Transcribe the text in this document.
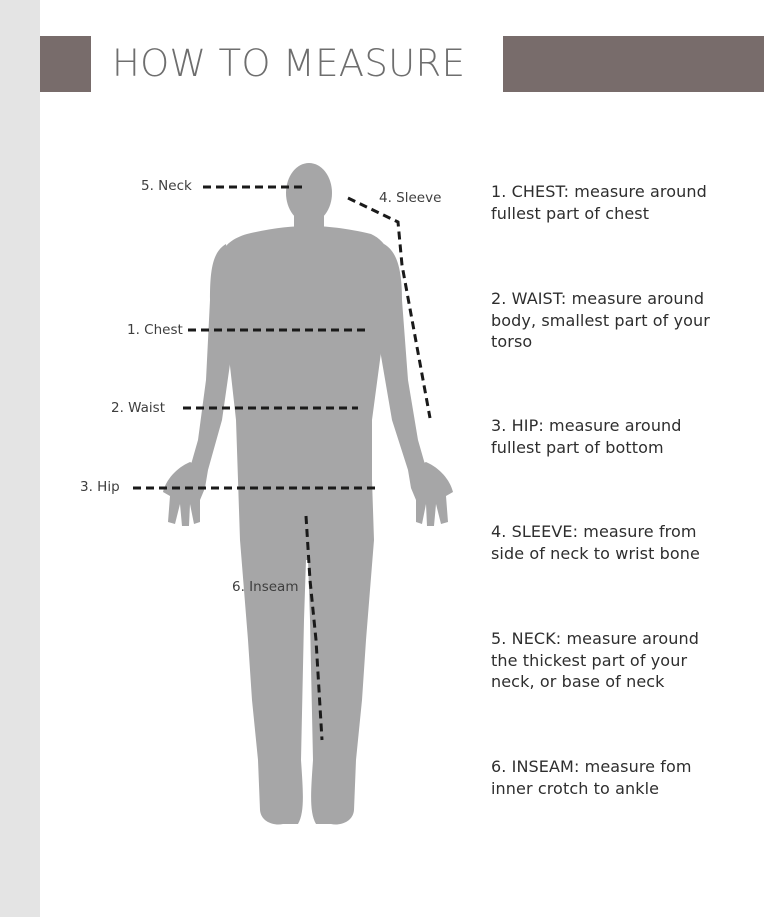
HOW TO MEASURE
5. Neck
4. Sleeve
1. Chest
2. Waist
3. Hip
6. Inseam
1. CHEST: measure around
fullest part of chest
2. WAIST: measure around
body, smallest part of your
torso
3. HIP: measure around
fullest part of bottom
4. SLEEVE: measure from
side of neck to wrist bone
5. NECK: measure around
the thickest part of your
neck, or base of neck
6. INSEAM: measure fom
inner crotch to ankle
